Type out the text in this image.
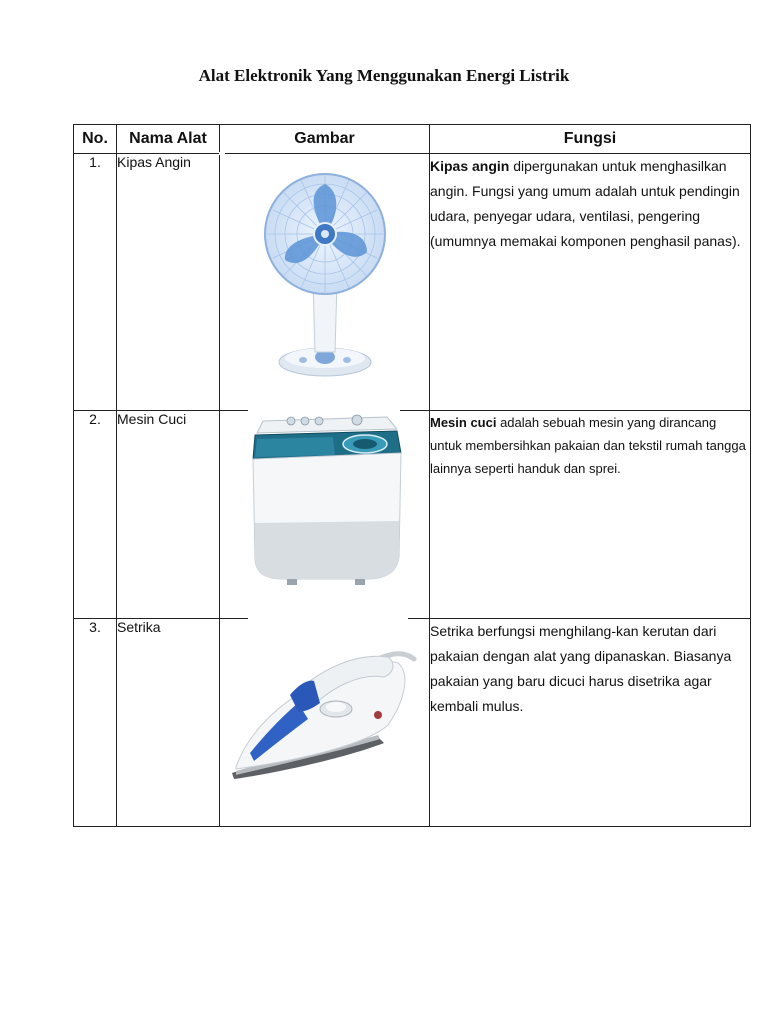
Alat Elektronik Yang Menggunakan Energi Listrik
No.	Nama Alat	Gambar	Fungsi
1.	Kipas Angin		Kipas angin dipergunakan untuk menghasilkan angin. Fungsi yang umum adalah untuk pendingin udara, penyegar udara, ventilasi, pengering (umumnya memakai komponen penghasil panas).

2.	Mesin Cuci		Mesin cuci adalah sebuah mesin yang dirancang untuk membersihkan pakaian dan tekstil rumah tangga lainnya seperti handuk dan sprei.

3.	Setrika		Setrika berfungsi menghilang-kan kerutan dari pakaian dengan alat yang dipanaskan. Biasanya pakaian yang baru dicuci harus disetrika agar kembali mulus.
